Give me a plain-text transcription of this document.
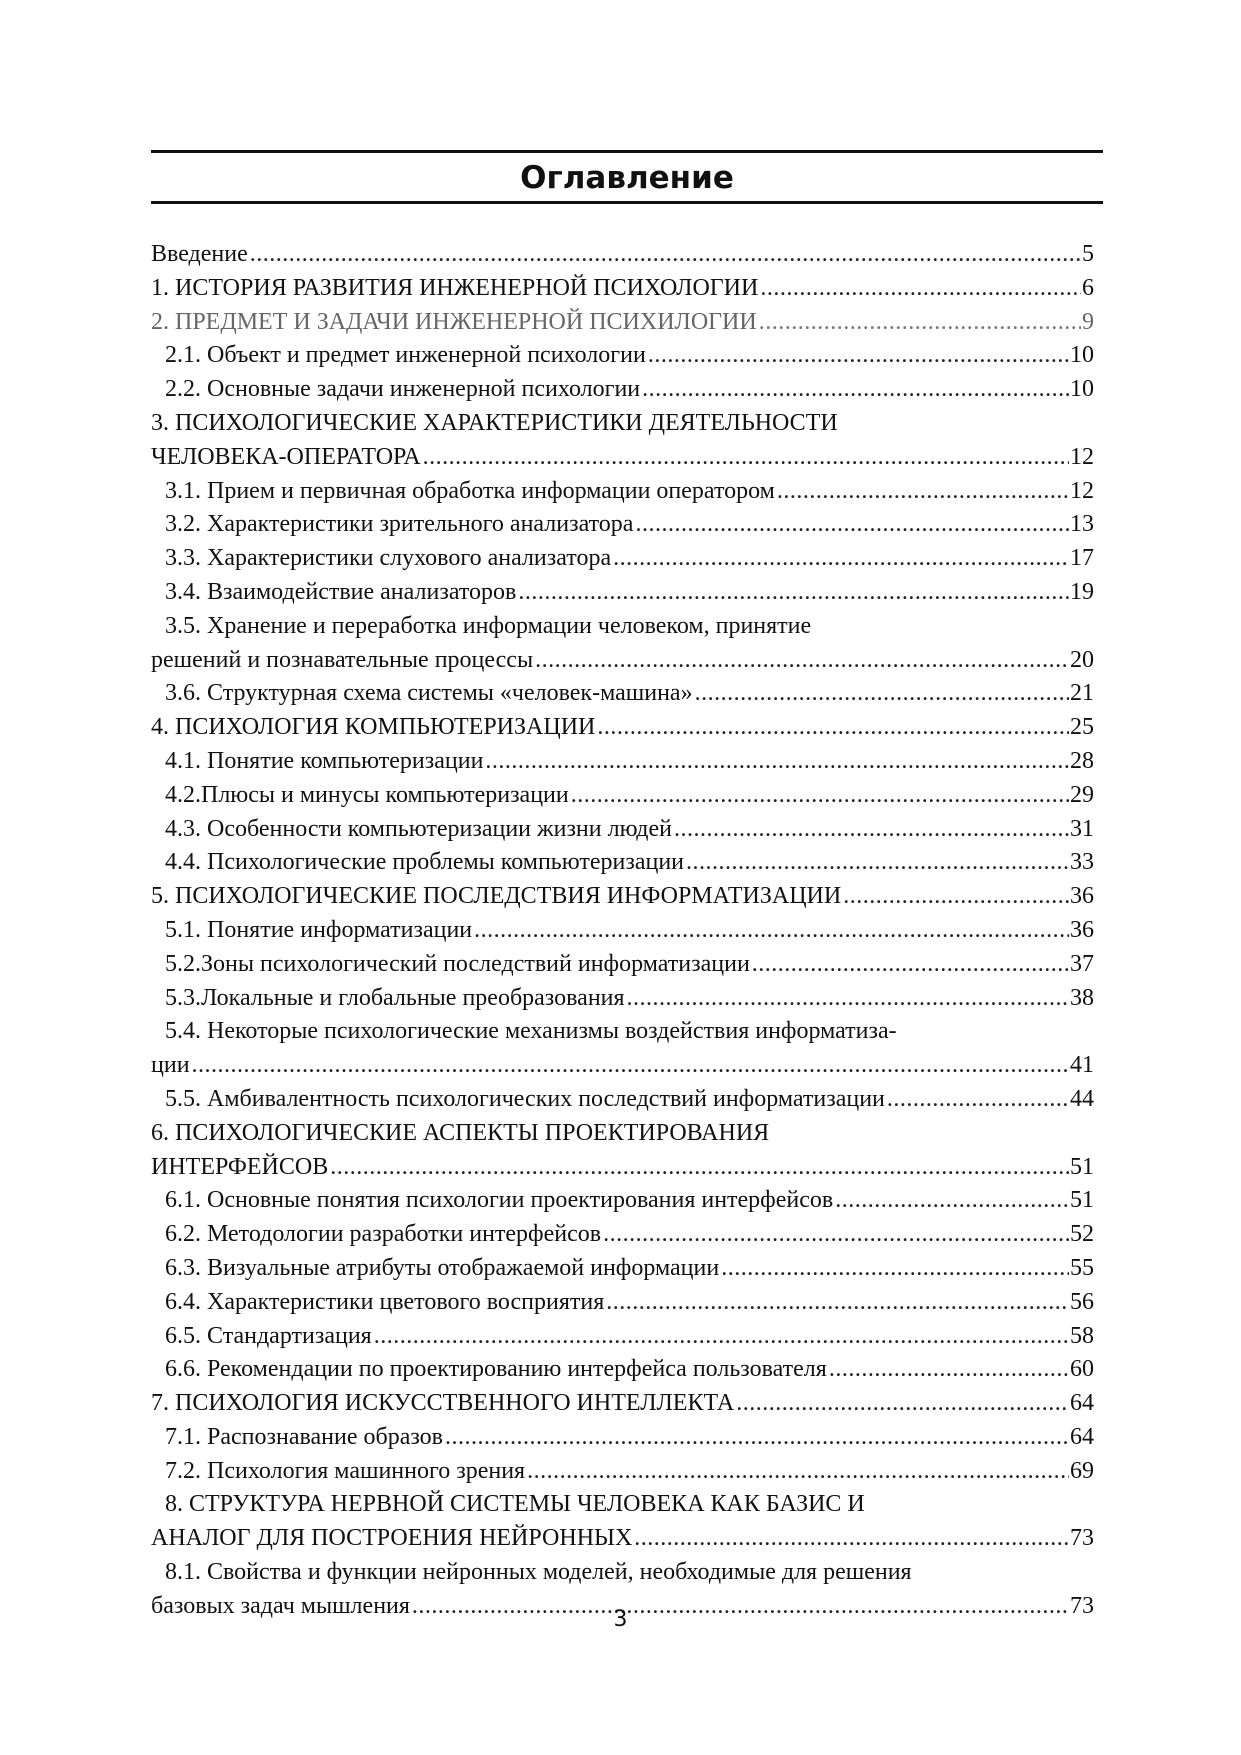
Оглавление
Введение .....	5
1. ИСТОРИЯ РАЗВИТИЯ ИНЖЕНЕРНОЙ ПСИХОЛОГИИ .....	6
2. ПРЕДМЕТ И ЗАДАЧИ ИНЖЕНЕРНОЙ ПСИХИЛОГИИ .....	9
2.1. Объект и предмет инженерной психологии .....	10
2.2. Основные задачи инженерной психологии .....	10
3. ПСИХОЛОГИЧЕСКИЕ ХАРАКТЕРИСТИКИ ДЕЯТЕЛЬНОСТИ
ЧЕЛОВЕКА-ОПЕРАТОРА .....	12
3.1. Прием и первичная обработка информации оператором .....	12
3.2. Характеристики зрительного анализатора .....	13
3.3. Характеристики слухового анализатора .....	17
3.4. Взаимодействие анализаторов .....	19
3.5. Хранение и переработка информации человеком, принятие
решений и познавательные процессы .....	20
3.6. Структурная схема системы «человек-машина» .....	21
4. ПСИХОЛОГИЯ КОМПЬЮТЕРИЗАЦИИ .....	25
4.1. Понятие компьютеризации .....	28
4.2.Плюсы и минусы компьютеризации .....	29
4.3. Особенности компьютеризации жизни людей .....	31
4.4. Психологические проблемы компьютеризации .....	33
5. ПСИХОЛОГИЧЕСКИЕ ПОСЛЕДСТВИЯ ИНФОРМАТИЗАЦИИ .....	36
5.1. Понятие информатизации .....	36
5.2.Зоны психологический последствий информатизации .....	37
5.3.Локальные и глобальные преобразования .....	38
5.4. Некоторые психологические механизмы воздействия информатиза-
ции .....	41
5.5. Амбивалентность психологических последствий информатизации .....	44
6. ПСИХОЛОГИЧЕСКИЕ АСПЕКТЫ ПРОЕКТИРОВАНИЯ
ИНТЕРФЕЙСОВ .....	51
6.1. Основные понятия психологии проектирования интерфейсов .....	51
6.2. Методологии разработки интерфейсов .....	52
6.3. Визуальные атрибуты отображаемой информации .....	55
6.4. Характеристики цветового восприятия .....	56
6.5. Стандартизация .....	58
6.6. Рекомендации по проектированию интерфейса пользователя .....	60
7. ПСИХОЛОГИЯ ИСКУССТВЕННОГО ИНТЕЛЛЕКТА .....	64
7.1. Распознавание образов .....	64
7.2. Психология машинного зрения .....	69
8. СТРУКТУРА НЕРВНОЙ СИСТЕМЫ ЧЕЛОВЕКА КАК БАЗИС И
АНАЛОГ ДЛЯ ПОСТРОЕНИЯ НЕЙРОННЫХ .....	73
8.1. Свойства и функции нейронных моделей, необходимые для решения
базовых задач мышления .....	73
3
